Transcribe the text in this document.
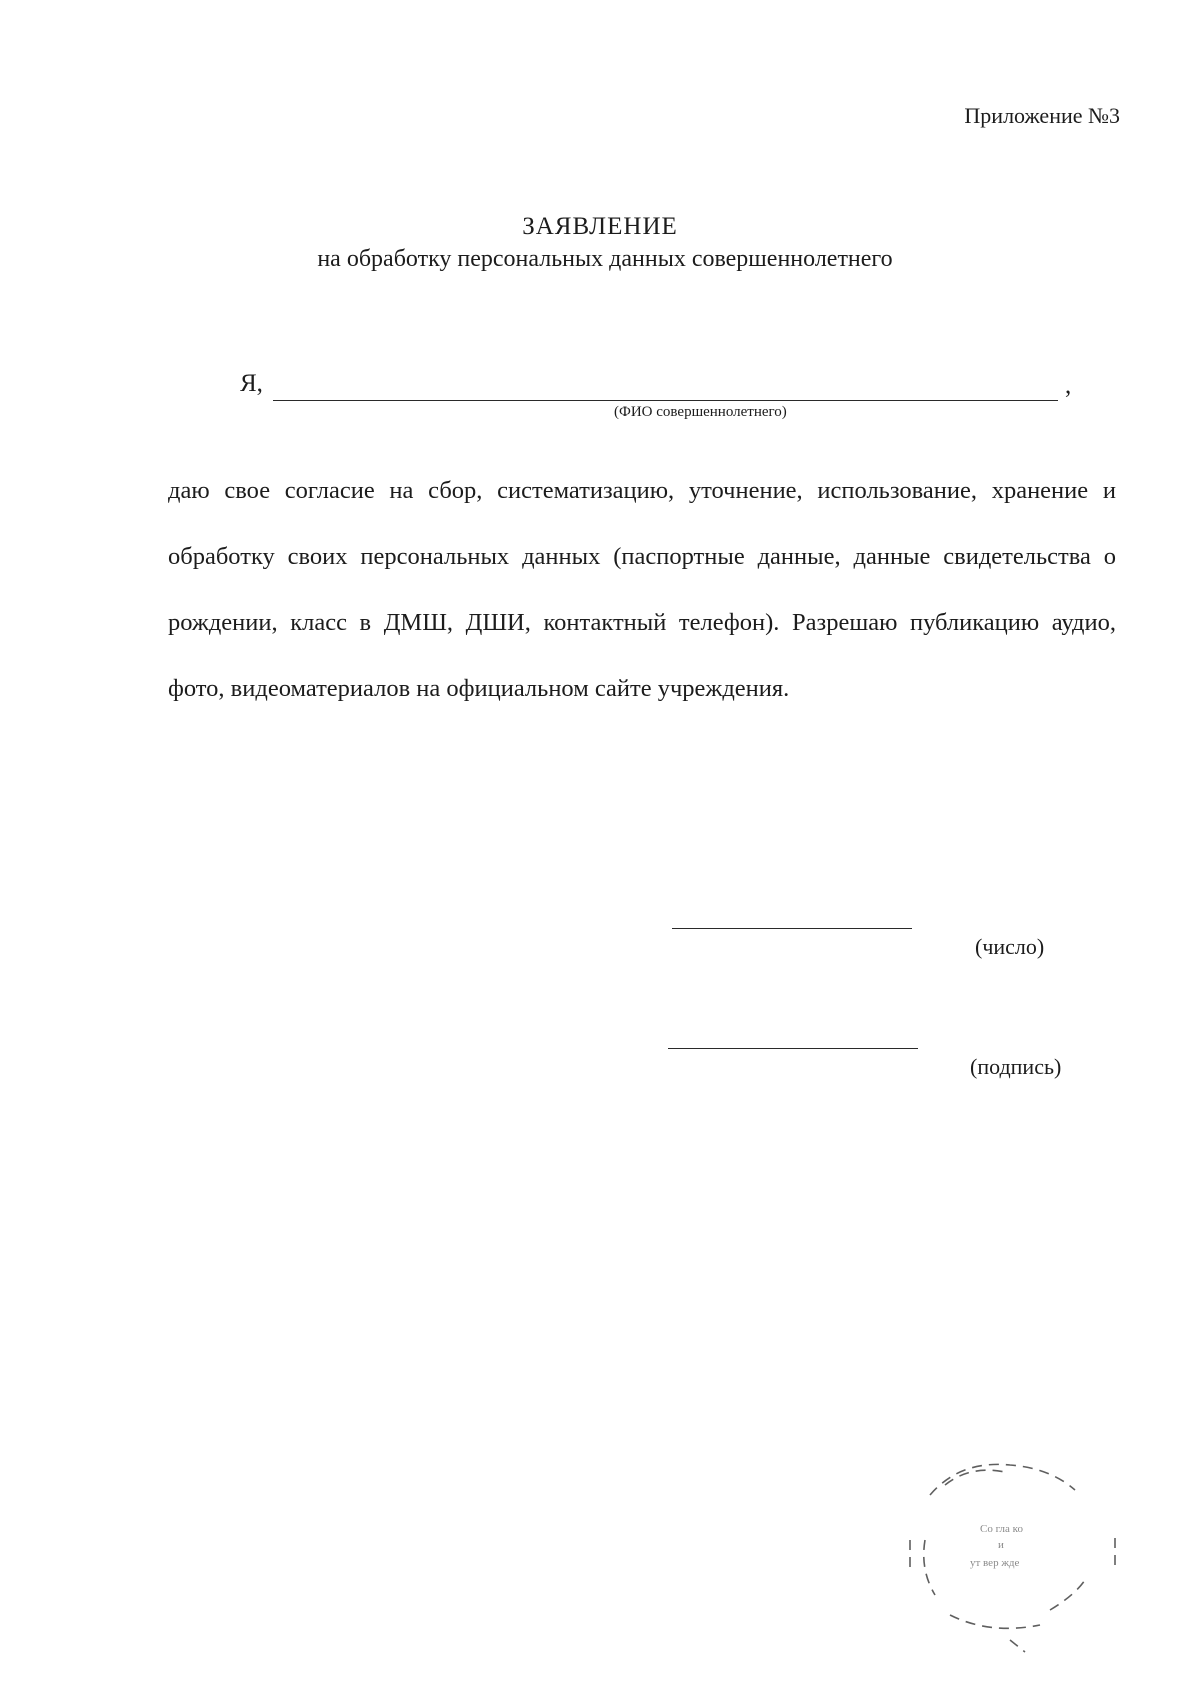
Приложение №3
ЗАЯВЛЕНИЕ
на обработку персональных данных совершеннолетнего
Я,	,
(ФИО совершеннолетнего)

даю свое согласие на сбор, систематизацию, уточнение, использование, хранение и обработку своих персональных данных (паспортные данные, данные свидетельства о рождении, класс в ДМШ, ДШИ, контактный телефон). Разрешаю публикацию аудио, фото, видеоматериалов на официальном сайте учреждения.

(число)
(подпись)
Со гла ко
и
ут вер жде
